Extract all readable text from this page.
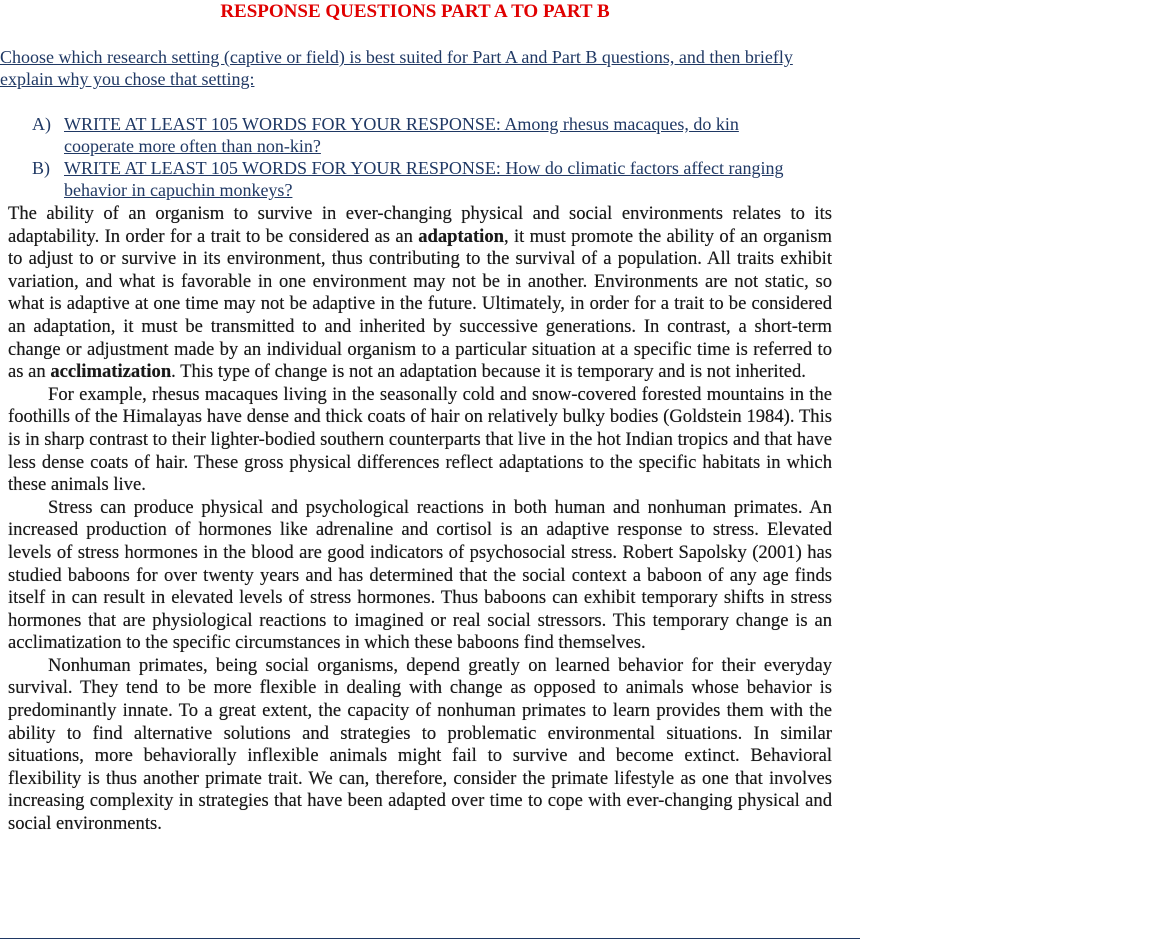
RESPONSE QUESTIONS PART A TO PART B
Choose which research setting (captive or field) is best suited for Part A and Part B questions, and then briefly explain why you chose that setting:
A) WRITE AT LEAST 105 WORDS FOR YOUR RESPONSE: Among rhesus macaques, do kin cooperate more often than non-kin?
B) WRITE AT LEAST 105 WORDS FOR YOUR RESPONSE: How do climatic factors affect ranging behavior in capuchin monkeys?

The ability of an organism to survive in ever-changing physical and social environments relates to its adaptability. In order for a trait to be considered as an adaptation, it must promote the ability of an organism to adjust to or survive in its environment, thus contributing to the survival of a population. All traits exhibit variation, and what is favorable in one environment may not be in another. Environments are not static, so what is adaptive at one time may not be adaptive in the future. Ultimately, in order for a trait to be considered an adaptation, it must be transmitted to and inherited by successive generations. In contrast, a short-term change or adjustment made by an individual organism to a particular situation at a specific time is referred to as an acclimatization. This type of change is not an adaptation because it is temporary and is not inherited.

For example, rhesus macaques living in the seasonally cold and snow-covered forested mountains in the foothills of the Himalayas have dense and thick coats of hair on relatively bulky bodies (Goldstein 1984). This is in sharp contrast to their lighter-bodied southern counterparts that live in the hot Indian tropics and that have less dense coats of hair. These gross physical differences reflect adaptations to the specific habitats in which these animals live.

Stress can produce physical and psychological reactions in both human and nonhuman primates. An increased production of hormones like adrenaline and cortisol is an adaptive response to stress. Elevated levels of stress hormones in the blood are good indicators of psychosocial stress. Robert Sapolsky (2001) has studied baboons for over twenty years and has determined that the social context a baboon of any age finds itself in can result in elevated levels of stress hormones. Thus baboons can exhibit temporary shifts in stress hormones that are physiological reactions to imagined or real social stressors. This temporary change is an acclimatization to the specific circumstances in which these baboons find themselves.

Nonhuman primates, being social organisms, depend greatly on learned behavior for their everyday survival. They tend to be more flexible in dealing with change as opposed to animals whose behavior is predominantly innate. To a great extent, the capacity of nonhuman primates to learn provides them with the ability to find alternative solutions and strategies to problematic environmental situations. In similar situations, more behaviorally inflexible animals might fail to survive and become extinct. Behavioral flexibility is thus another primate trait. We can, therefore, consider the primate lifestyle as one that involves increasing complexity in strategies that have been adapted over time to cope with ever-changing physical and social environments.
